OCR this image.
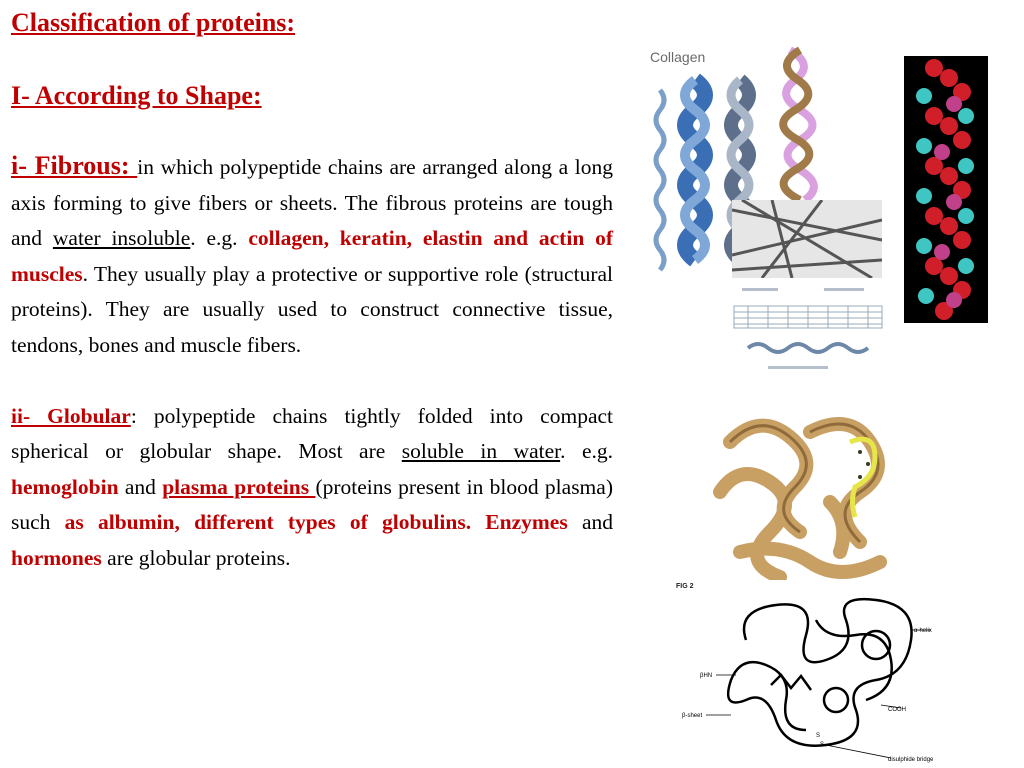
Classification of proteins:
I- According to Shape:

i- Fibrous: in which polypeptide chains are arranged along a long axis forming to give fibers or sheets. The fibrous proteins are tough and water insoluble. e.g. collagen, keratin, elastin and actin of muscles. They usually play a protective or supportive role (structural proteins). They are usually used to construct connective tissue, tendons, bones and muscle fibers.

ii- Globular: polypeptide chains tightly folded into compact spherical or globular shape. Most are soluble in water. e.g. hemoglobin and plasma proteins (proteins present in blood plasma) such as albumin, different types of globulins. Enzymes and hormones are globular proteins.

Collagen
FIG 2
α-helix
βHN
β-sheet
COOH
S
S
disulphide bridge
